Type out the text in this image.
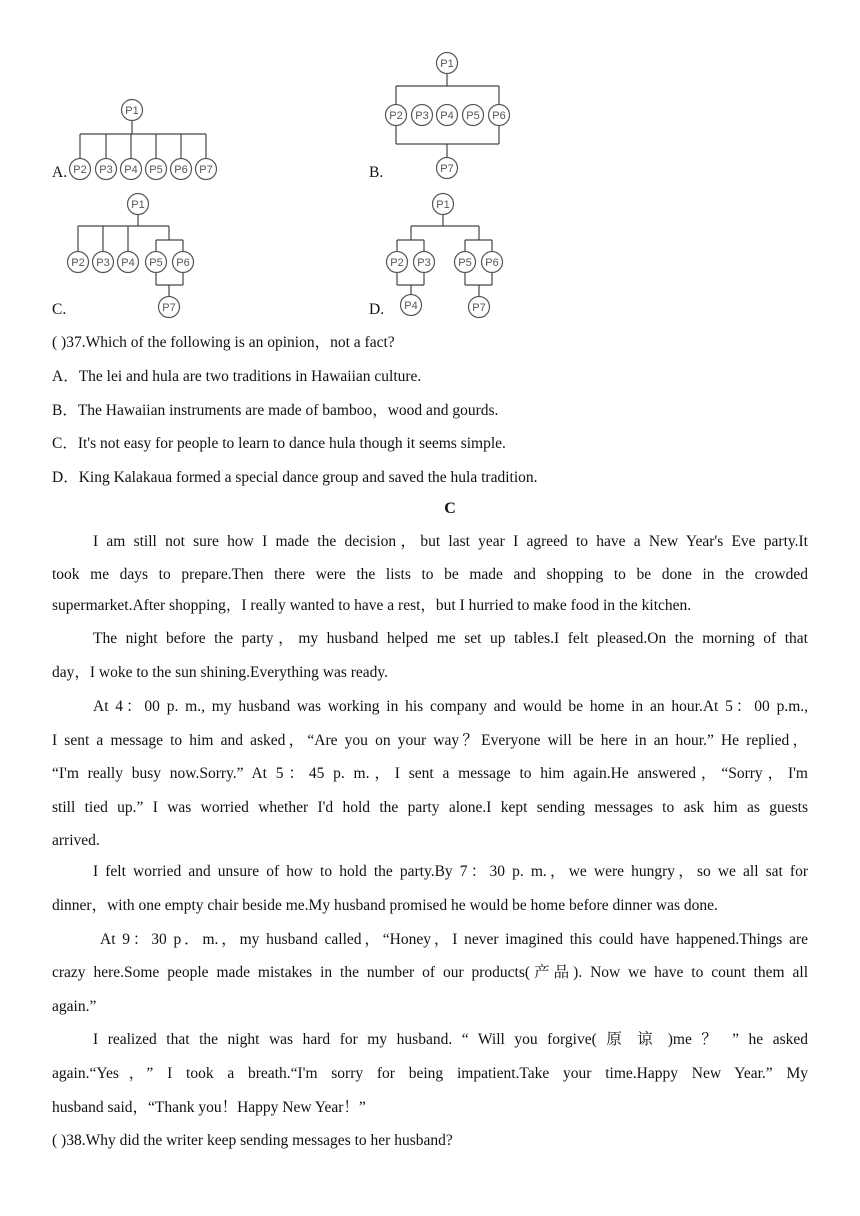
A.
P1
P2 P3 P4 P5 P6 P7	B.
P1
P2 P3 P4 P5 P6
P7
C.
P1
P2 P3 P4 P5 P6
P7	D.
P1
P2 P3
P4
P5 P6
P7
( )37.Which of the following is an opinion，not a fact?
A．The lei and hula are two traditions in Hawaiian culture.
B．The Hawaiian instruments are made of bamboo，wood and gourds.
C．It's not easy for people to learn to dance hula though it seems simple.
D．King Kalakaua formed a special dance group and saved the hula tradition.
C
I am still not sure how I made the decision，but last year I agreed to have a New Year's Eve party.It
took me days to prepare.Then there were the lists to be made and shopping to be done in the crowded
supermarket.After shopping，I really wanted to have a rest，but I hurried to make food in the kitchen.
The night before the party，my husband helped me set up tables.I felt pleased.On the morning of that
day，I woke to the sun shining.Everything was ready.
At 4：00 p. m., my husband was working in his company and would be home in an hour.At 5：00 p.m.,
I sent a message to him and asked，“Are you on your way？Everyone will be here in an hour.” He replied，
“I'm really busy now.Sorry.” At 5：45 p. m.，I sent a message to him again.He answered，“Sorry，I'm
still tied up.” I was worried whether I'd hold the party alone.I kept sending messages to ask him as guests
arrived.
I felt worried and unsure of how to hold the party.By 7：30 p. m.，we were hungry，so we all sat for
dinner，with one empty chair beside me.My husband promised he would be home before dinner was done.
At 9：30 p．m.，my husband called，“Honey，I never imagined this could have happened.Things are
crazy here.Some people made mistakes in the number of our products(产品). Now we have to count them all
again.”
I realized that the night was hard for my husband. “ Will you forgive( 原 谅 )me ？ ” he asked
again.“Yes，” I took a breath.“I'm sorry for being impatient.Take your time.Happy New Year.” My
husband said，“Thank you！Happy New Year！”
( )38.Why did the writer keep sending messages to her husband?
